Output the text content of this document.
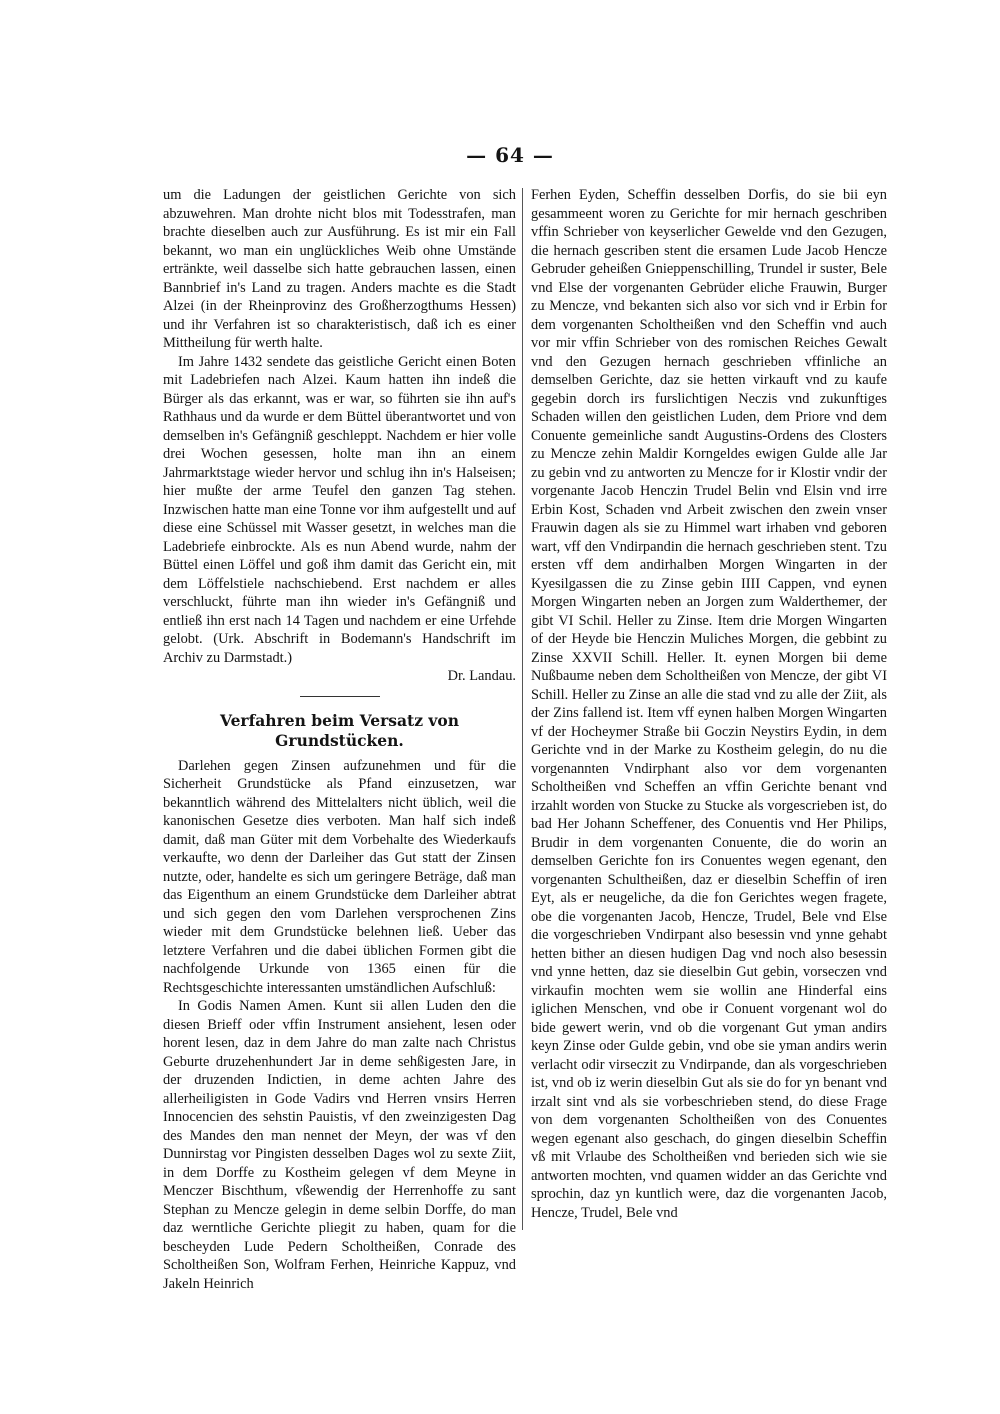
— 64 —

um die Ladungen der geistlichen Gerichte von sich abzuwehren. Man drohte nicht blos mit Todesstrafen, man brachte dieselben auch zur Ausführung. Es ist mir ein Fall bekannt, wo man ein unglückliches Weib ohne Umstände ertränkte, weil dasselbe sich hatte gebrauchen lassen, einen Bannbrief in's Land zu tragen. Anders machte es die Stadt Alzei (in der Rheinprovinz des Großherzogthums Hessen) und ihr Verfahren ist so charakteristisch, daß ich es einer Mittheilung für werth halte.

Im Jahre 1432 sendete das geistliche Gericht einen Boten mit Ladebriefen nach Alzei. Kaum hatten ihn indeß die Bürger als das erkannt, was er war, so führten sie ihn auf's Rathhaus und da wurde er dem Büttel überantwortet und von demselben in's Gefängniß geschleppt. Nachdem er hier volle drei Wochen gesessen, holte man ihn an einem Jahrmarktstage wieder hervor und schlug ihn in's Halseisen; hier mußte der arme Teufel den ganzen Tag stehen. Inzwischen hatte man eine Tonne vor ihm aufgestellt und auf diese eine Schüssel mit Wasser gesetzt, in welches man die Ladebriefe einbrockte. Als es nun Abend wurde, nahm der Büttel einen Löffel und goß ihm damit das Gericht ein, mit dem Löffelstiele nachschiebend. Erst nachdem er alles verschluckt, führte man ihn wieder in's Gefängniß und entließ ihn erst nach 14 Tagen und nachdem er eine Urfehde gelobt. (Urk. Abschrift in Bodemann's Handschrift im Archiv zu Darmstadt.)

Dr. Landau.

Verfahren beim Versatz von Grundstücken.

Darlehen gegen Zinsen aufzunehmen und für die Sicherheit Grundstücke als Pfand einzusetzen, war bekanntlich während des Mittelalters nicht üblich, weil die kanonischen Gesetze dies verboten. Man half sich indeß damit, daß man Güter mit dem Vorbehalte des Wiederkaufs verkaufte, wo denn der Darleiher das Gut statt der Zinsen nutzte, oder, handelte es sich um geringere Beträge, daß man das Eigenthum an einem Grundstücke dem Darleiher abtrat und sich gegen den vom Darlehen versprochenen Zins wieder mit dem Grundstücke belehnen ließ. Ueber das letztere Verfahren und die dabei üblichen Formen gibt die nachfolgende Urkunde von 1365 einen für die Rechtsgeschichte interessanten umständlichen Aufschluß:

In Godis Namen Amen. Kunt sii allen Luden den die diesen Brieff oder vffin Instrument ansiehent, lesen oder horent lesen, daz in dem Jahre do man zalte nach Christus Geburte druzehenhundert Jar in deme sehßigesten Jare, in der druzenden Indictien, in deme achten Jahre des allerheiligisten in Gode Vadirs vnd Herren vnsirs Herren Innocencien des sehstin Pauistis, vf den zweinzigesten Dag des Mandes den man nennet der Meyn, der was vf den Dunnirstag vor Pingisten desselben Dages wol zu sexte Ziit, in dem Dorffe zu Kostheim gelegen vf dem Meyne in Menczer Bischthum, vßewendig der Herrenhoffe zu sant Stephan zu Mencze gelegin in deme selbin Dorffe, do man daz werntliche Gerichte pliegit zu haben, quam for die bescheyden Lude Pedern Scholtheißen, Conrade des Scholtheißen Son, Wolfram Ferhen, Heinriche Kappuz, vnd Jakeln Heinrich

Ferhen Eyden, Scheffin desselben Dorfis, do sie bii eyn gesammeent woren zu Gerichte for mir hernach geschriben vffin Schrieber von keyserlicher Gewelde vnd den Gezugen, die hernach gescriben stent die ersamen Lude Jacob Hencze Gebruder geheißen Gnieppenschilling, Trundel ir suster, Bele vnd Else der vorgenanten Gebrüder eliche Frauwin, Burger zu Mencze, vnd bekanten sich also vor sich vnd ir Erbin for dem vorgenanten Scholtheißen vnd den Scheffin vnd auch vor mir vffin Schrieber von des romischen Reiches Gewalt vnd den Gezugen hernach geschrieben vffinliche an demselben Gerichte, daz sie hetten virkauft vnd zu kaufe gegebin dorch irs furslichtigen Neczis vnd zukunftiges Schaden willen den geistlichen Luden, dem Priore vnd dem Conuente gemeinliche sandt Augustins-Ordens des Closters zu Mencze zehin Maldir Korngeldes ewigen Gulde alle Jar zu gebin vnd zu antworten zu Mencze for ir Klostir vndir der vorgenante Jacob Henczin Trudel Belin vnd Elsin vnd irre Erbin Kost, Schaden vnd Arbeit zwischen den zwein vnser Frauwin dagen als sie zu Himmel wart irhaben vnd geboren wart, vff den Vndirpandin die hernach geschrieben stent. Tzu ersten vff dem andirhalben Morgen Wingarten in der Kyesilgassen die zu Zinse gebin IIII Cappen, vnd eynen Morgen Wingarten neben an Jorgen zum Walderthemer, der gibt VI Schil. Heller zu Zinse. Item drie Morgen Wingarten of der Heyde bie Henczin Muliches Morgen, die gebbint zu Zinse XXVII Schill. Heller. It. eynen Morgen bii deme Nußbaume neben dem Scholtheißen von Mencze, der gibt VI Schill. Heller zu Zinse an alle die stad vnd zu alle der Ziit, als der Zins fallend ist. Item vff eynen halben Morgen Wingarten vf der Hocheymer Straße bii Goczin Neystirs Eydin, in dem Gerichte vnd in der Marke zu Kostheim gelegin, do nu die vorgenannten Vndirphant also vor dem vorgenanten Scholtheißen vnd Scheffen an vffin Gerichte benant vnd irzahlt worden von Stucke zu Stucke als vorgescrieben ist, do bad Her Johann Scheffener, des Conuentis vnd Her Philips, Brudir in dem vorgenanten Conuente, die do worin an demselben Gerichte fon irs Conuentes wegen egenant, den vorgenanten Schultheißen, daz er dieselbin Scheffin of iren Eyt, als er neugeliche, da die fon Gerichtes wegen fragete, obe die vorgenanten Jacob, Hencze, Trudel, Bele vnd Else die vorgeschrieben Vndirpant also besessin vnd ynne gehabt hetten bither an diesen hudigen Dag vnd noch also besessin vnd ynne hetten, daz sie dieselbin Gut gebin, vorseczen vnd virkaufin mochten wem sie wollin ane Hinderfal eins iglichen Menschen, vnd obe ir Conuent vorgenant wol do bide gewert werin, vnd ob die vorgenant Gut yman andirs keyn Zinse oder Gulde gebin, vnd obe sie yman andirs werin verlacht odir virseczit zu Vndirpande, dan als vorgeschrieben ist, vnd ob iz werin dieselbin Gut als sie do for yn benant vnd irzalt sint vnd als sie vorbeschrieben stend, do diese Frage von dem vorgenanten Scholtheißen von des Conuentes wegen egenant also geschach, do gingen dieselbin Scheffin vß mit Vrlaube des Scholtheißen vnd berieden sich wie sie antworten mochten, vnd quamen widder an das Gerichte vnd sprochin, daz yn kuntlich were, daz die vorgenanten Jacob, Hencze, Trudel, Bele vnd
